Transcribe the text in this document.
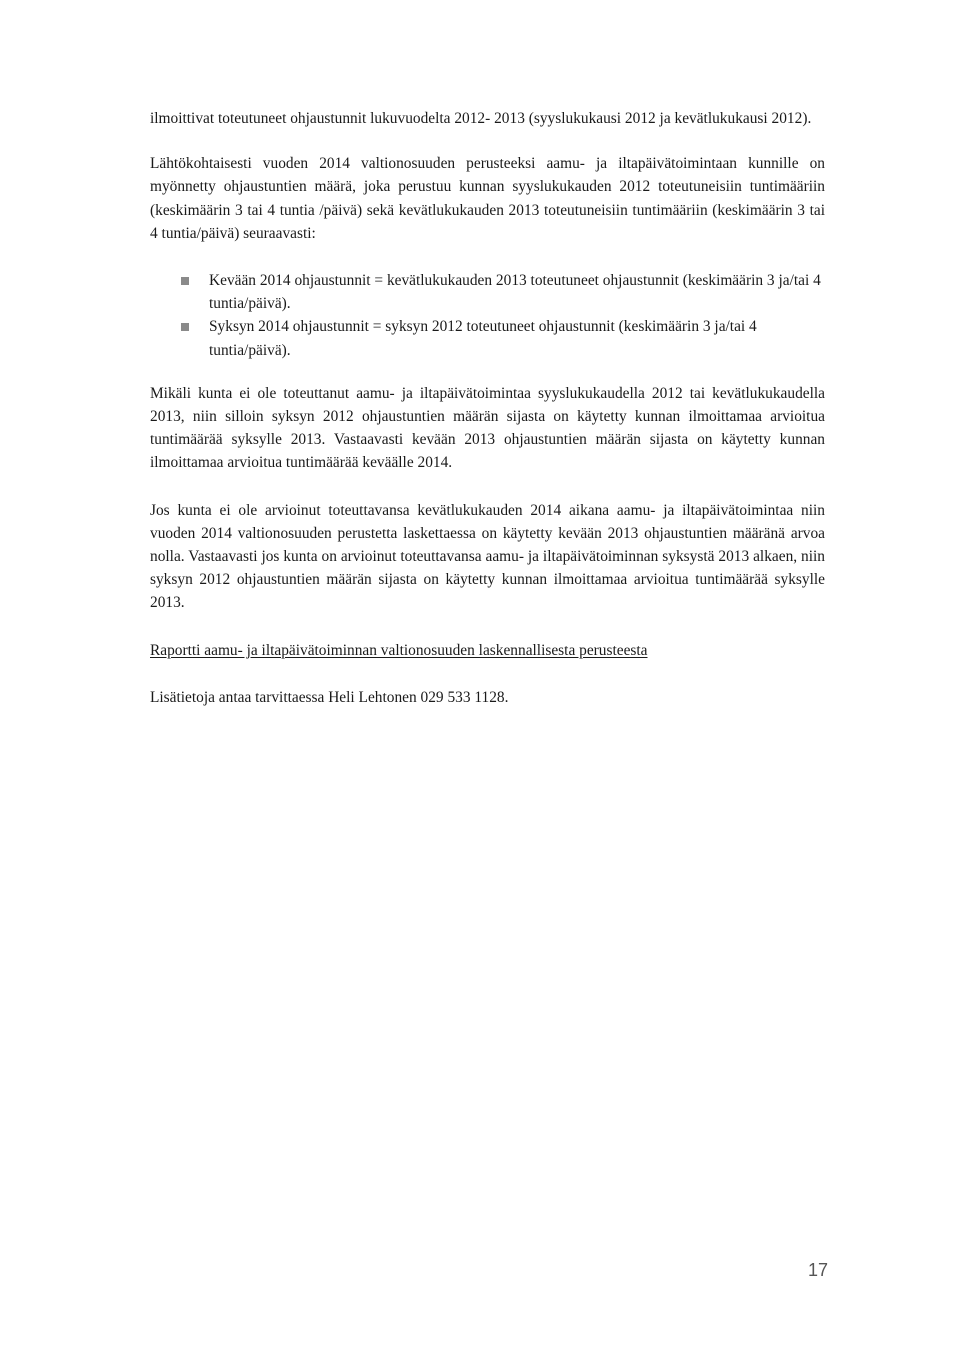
ilmoittivat toteutuneet ohjaustunnit lukuvuodelta 2012- 2013 (syyslukukausi 2012 ja kevätlukukausi 2012).

Lähtökohtaisesti vuoden 2014 valtionosuuden perusteeksi aamu- ja iltapäivätoimintaan kunnille on myönnetty ohjaustuntien määrä, joka perustuu kunnan syyslukukauden 2012 toteutuneisiin tuntimääriin (keskimäärin 3 tai 4 tuntia /päivä) sekä kevätlukukauden 2013 toteutuneisiin tuntimääriin (keskimäärin 3 tai 4 tuntia/päivä) seuraavasti:

Kevään 2014 ohjaustunnit = kevätlukukauden 2013 toteutuneet ohjaustunnit (keskimäärin 3 ja/tai 4 tuntia/päivä).
Syksyn 2014 ohjaustunnit = syksyn 2012 toteutuneet ohjaustunnit (keskimäärin 3 ja/tai 4 tuntia/päivä).

Mikäli kunta ei ole toteuttanut aamu- ja iltapäivätoimintaa syyslukukaudella 2012 tai kevätlukukaudella 2013, niin silloin syksyn 2012 ohjaustuntien määrän sijasta on käytetty kunnan ilmoittamaa arvioitua tuntimäärää syksylle 2013. Vastaavasti kevään 2013 ohjaustuntien määrän sijasta on käytetty kunnan ilmoittamaa arvioitua tuntimäärää keväälle 2014.

Jos kunta ei ole arvioinut toteuttavansa kevätlukukauden 2014 aikana aamu- ja iltapäivätoimintaa niin vuoden 2014 valtionosuuden perustetta laskettaessa on käytetty kevään 2013 ohjaustuntien määränä arvoa nolla. Vastaavasti jos kunta on arvioinut toteuttavansa aamu- ja iltapäivätoiminnan syksystä 2013 alkaen, niin syksyn 2012 ohjaustuntien määrän sijasta on käytetty kunnan ilmoittamaa arvioitua tuntimäärää syksylle 2013.

Raportti aamu- ja iltapäivätoiminnan valtionosuuden laskennallisesta perusteesta

Lisätietoja antaa tarvittaessa Heli Lehtonen 029 533 1128.

17
